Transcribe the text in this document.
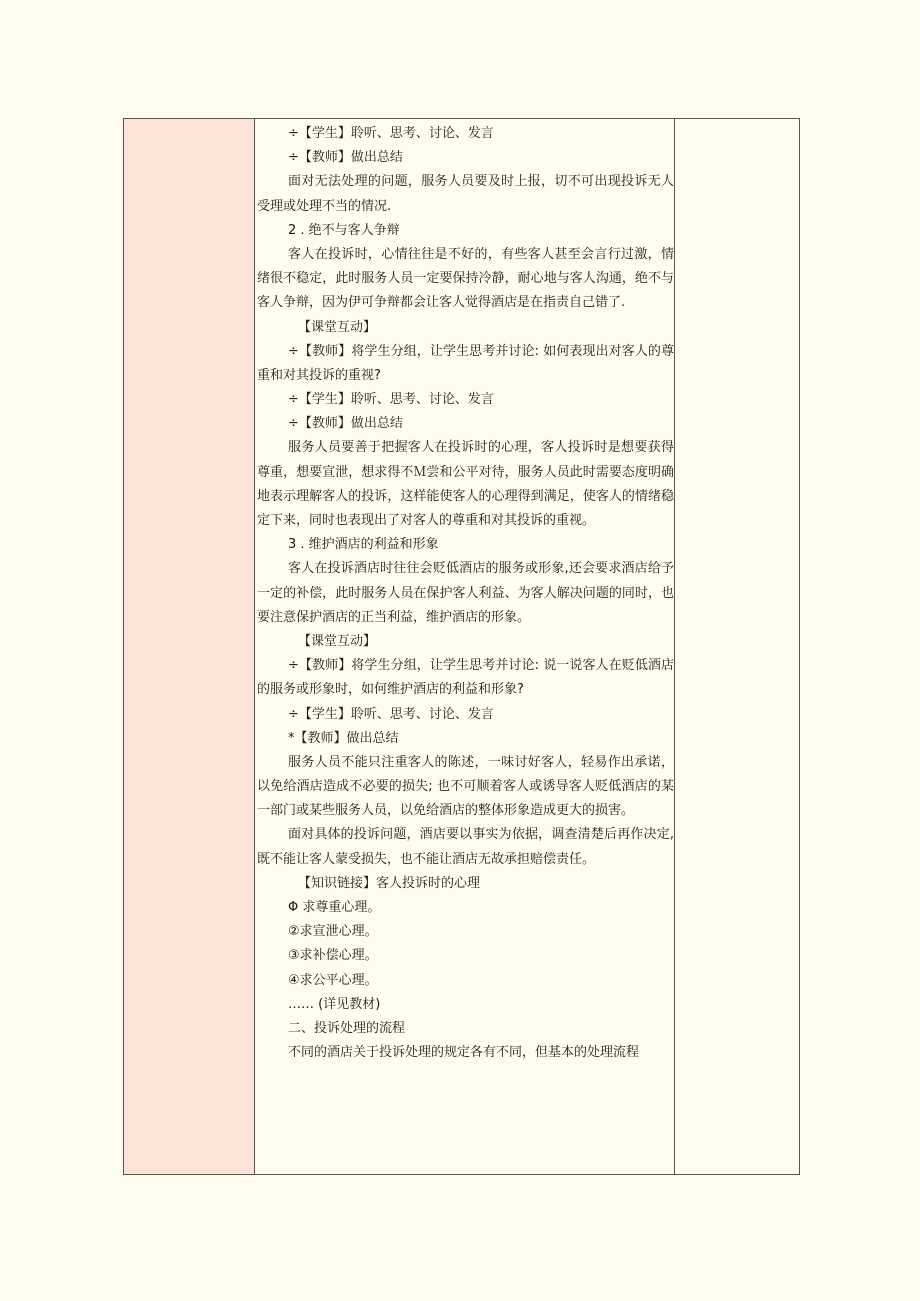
÷【学生】聆听、思考、讨论、发言
÷【教师】做出总结
面对无法处理的问题，服务人员要及时上报，切不可出现投诉无人
受理或处理不当的情况.
2 . 绝不与客人争辩
客人在投诉时，心情往往是不好的，有些客人甚至会言行过激，情
绪很不稳定，此时服务人员一定要保持冷静，耐心地与客人沟通，绝不与
客人争辩，因为伊可争辩都会让客人觉得酒店是在指责自己错了.
【课堂互动】
÷【教师】将学生分组，让学生思考并讨论: 如何表现出对客人的尊
重和对其投诉的重视?
÷【学生】聆听、思考、讨论、发言
÷【教师】做出总结
服务人员要善于把握客人在投诉时的心理，客人投诉时是想要获得
尊重，想要宣泄，想求得不Ｍ尝和公平对待，服务人员此时需要态度明确
地表示理解客人的投诉，这样能使客人的心理得到满足，使客人的情绪稳
定下来，同时也表现出了对客人的尊重和对其投诉的重视。
3 . 维护酒店的利益和形象
客人在投诉酒店时往往会贬低酒店的服务或形象,还会要求酒店给予
一定的补偿，此时服务人员在保护客人利益、为客人解决问题的同时，也
要注意保护酒店的正当利益，维护酒店的形象。
【课堂互动】
÷【教师】将学生分组，让学生思考并讨论: 说一说客人在贬低酒店
的服务或形象时，如何维护酒店的利益和形象?
÷【学生】聆听、思考、讨论、发言
*【教师】做出总结
服务人员不能只注重客人的陈述，一味讨好客人，轻易作出承诺，
以免给酒店造成不必要的损失; 也不可顺着客人或诱导客人贬低酒店的某
一部门或某些服务人员，以免给酒店的整体形象造成更大的损害。
面对具体的投诉问题，酒店要以事实为依据，调查清楚后再作决定,
既不能让客人蒙受损失，也不能让酒店无故承担赔偿责任。
【知识链接】客人投诉时的心理
Φ 求尊重心理。
②求宣泄心理。
③求补偿心理。
④求公平心理。
…… (详见教材)
二、投诉处理的流程
不同的酒店关于投诉处理的规定各有不同，但基本的处理流程
